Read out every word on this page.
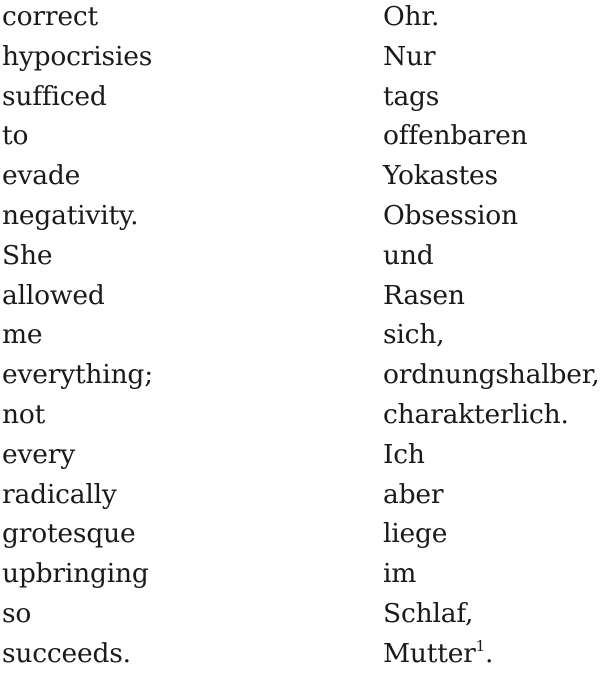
correct
hypocrisies
sufficed
to
evade
negativity.
She
allowed
me
everything;
not
every
radically
grotesque
upbringing
so
succeeds.
Ohr.
Nur
tags
offenbaren
Yokastes
Obsession
und
Rasen
sich,
ordnungshalber,
charakterlich.
Ich
aber
liege
im
Schlaf,
Mutter$^1$.
